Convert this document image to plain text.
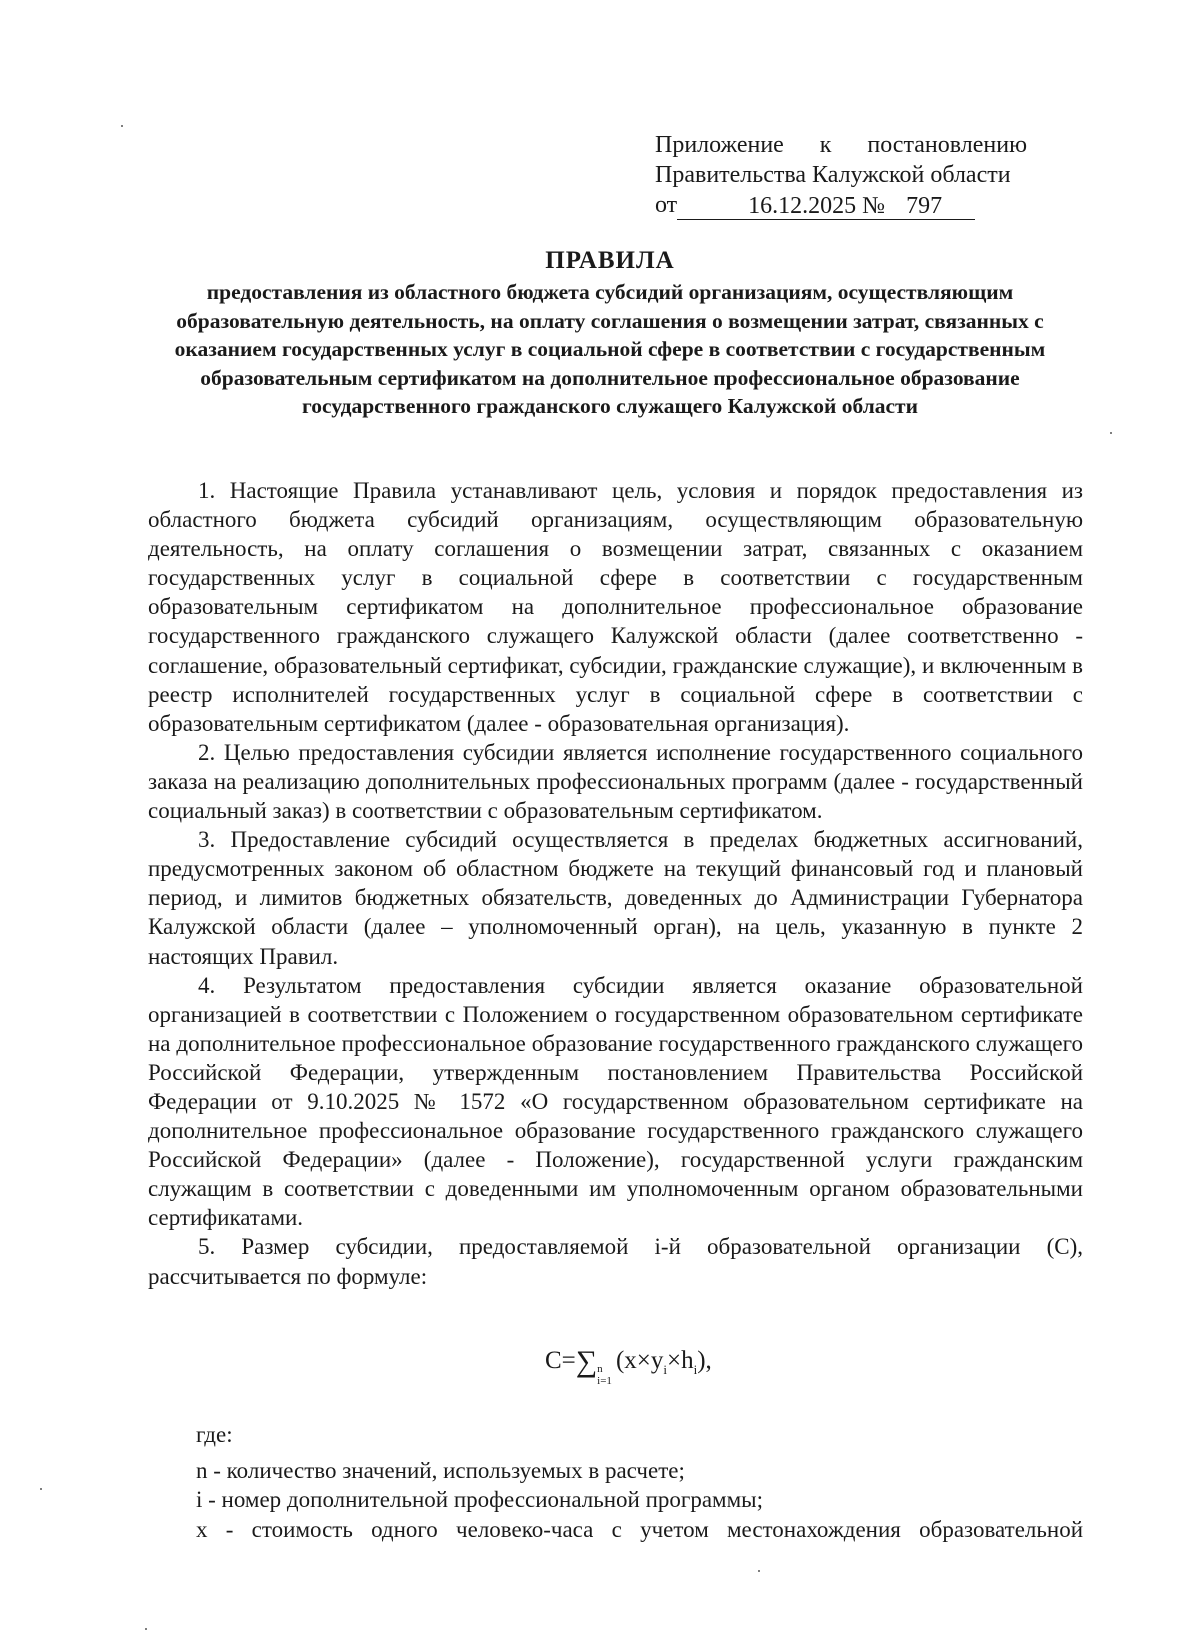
Приложение к постановлению
Правительства Калужской области
от	16.12.2025 № 797
ПРАВИЛА
предоставления из областного бюджета субсидий организациям, осуществляющим образовательную деятельность, на оплату соглашения о возмещении затрат, связанных с оказанием государственных услуг в социальной сфере в соответствии с государственным образовательным сертификатом на дополнительное профессиональное образование государственного гражданского служащего Калужской области

1. Настоящие Правила устанавливают цель, условия и порядок предоставления из областного бюджета субсидий организациям, осуществляющим образовательную деятельность, на оплату соглашения о возмещении затрат, связанных с оказанием государственных услуг в социальной сфере в соответствии с государственным образовательным сертификатом на дополнительное профессиональное образование государственного гражданского служащего Калужской области (далее соответственно - соглашение, образовательный сертификат, субсидии, гражданские служащие), и включенным в реестр исполнителей государственных услуг в социальной сфере в соответствии с образовательным сертификатом (далее - образовательная организация).

2. Целью предоставления субсидии является исполнение государственного социального заказа на реализацию дополнительных профессиональных программ (далее - государственный социальный заказ) в соответствии с образовательным сертификатом.

3. Предоставление субсидий осуществляется в пределах бюджетных ассигнований, предусмотренных законом об областном бюджете на текущий финансовый год и плановый период, и лимитов бюджетных обязательств, доведенных до Администрации Губернатора Калужской области (далее – уполномоченный орган), на цель, указанную в пункте 2 настоящих Правил.

4. Результатом предоставления субсидии является оказание образовательной организацией в соответствии с Положением о государственном образовательном сертификате на дополнительное профессиональное образование государственного гражданского служащего Российской Федерации, утвержденным постановлением Правительства Российской Федерации от 9.10.2025 № 1572 «О государственном образовательном сертификате на дополнительное профессиональное образование государственного гражданского служащего Российской Федерации» (далее - Положение), государственной услуги гражданским служащим в соответствии с доведенными им уполномоченным органом образовательными сертификатами.

5. Размер субсидии, предоставляемой i-й образовательной организации (C), рассчитывается по формуле:

C=∑ n
i=1
$(x\times y_i\times h_i)$,

где:

n - количество значений, используемых в расчете;

i - номер дополнительной профессиональной программы;

x - стоимость одного человеко-часа с учетом местонахождения образовательной
